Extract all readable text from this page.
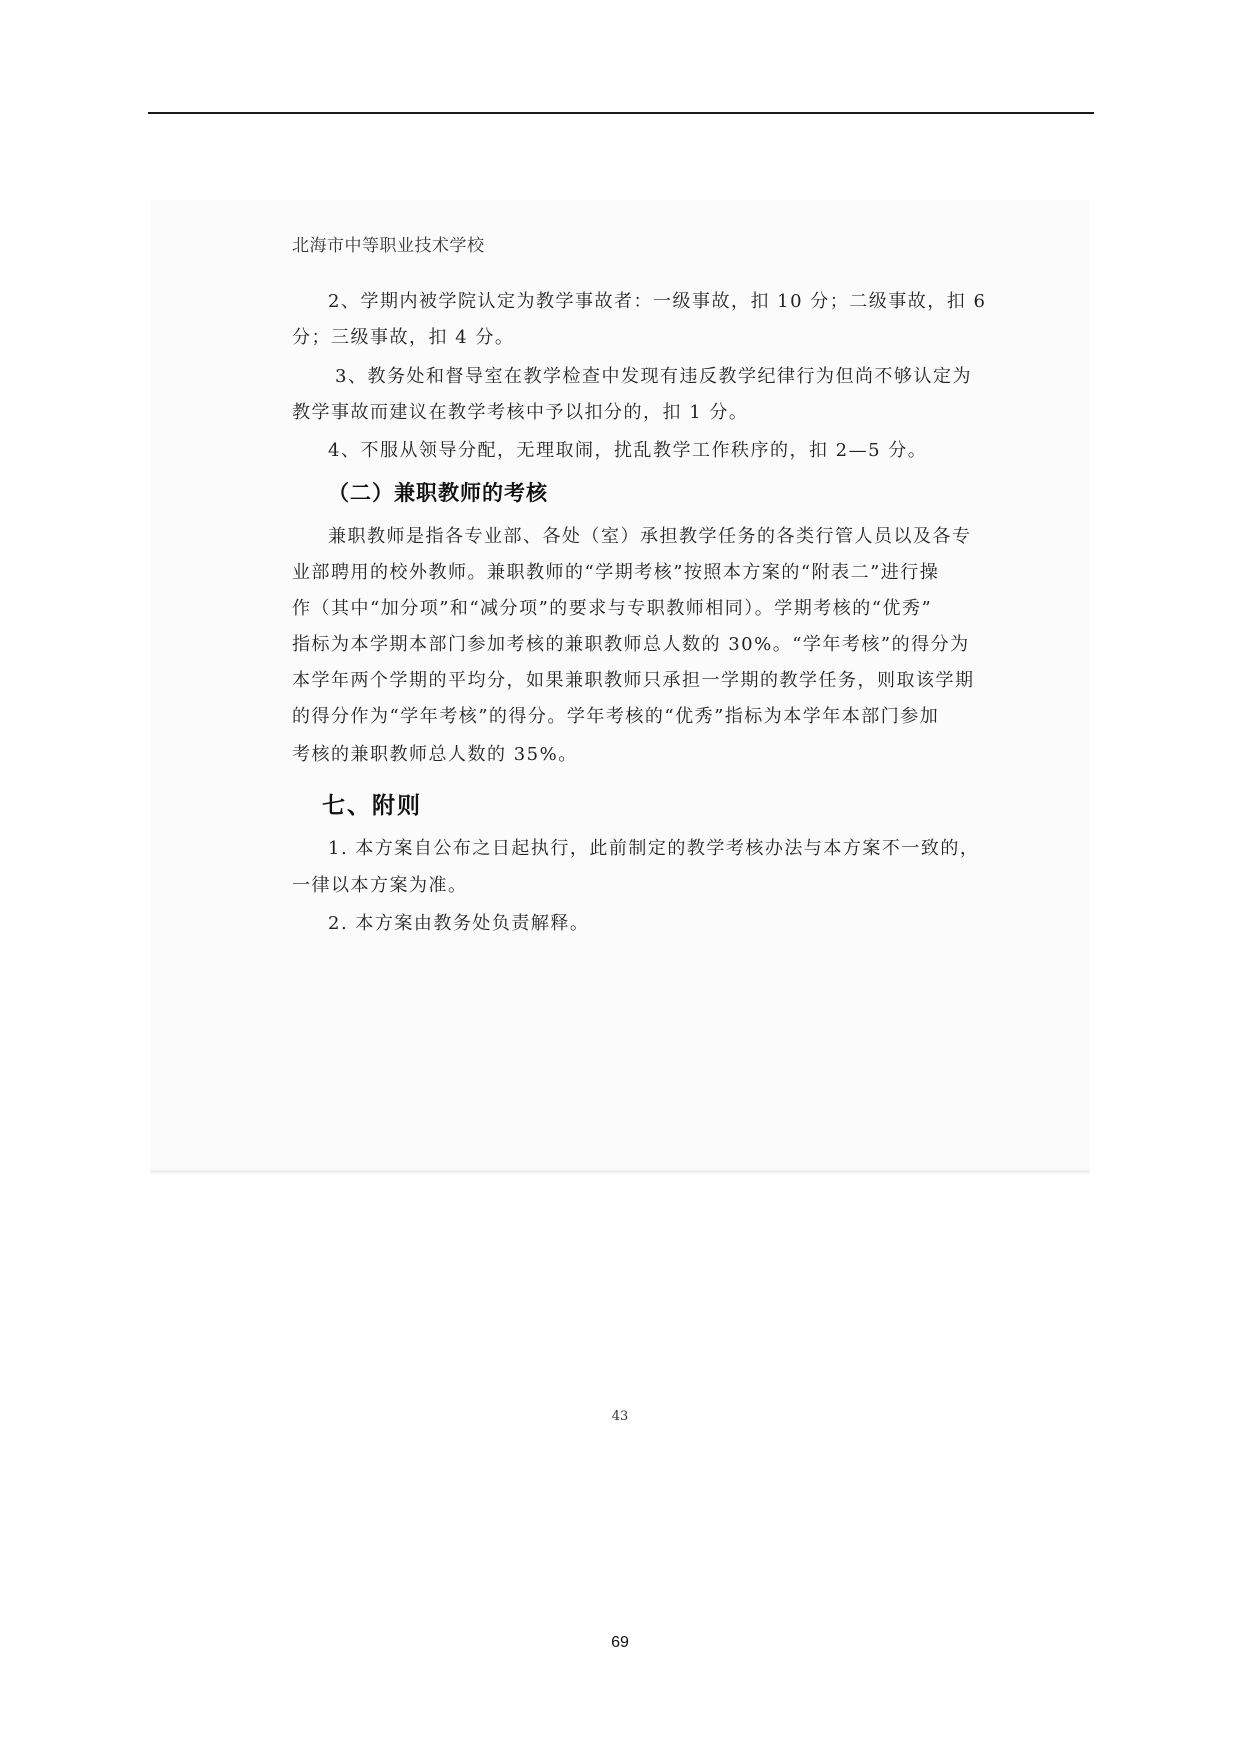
北海市中等职业技术学校
2、学期内被学院认定为教学事故者：一级事故，扣 10 分；二级事故，扣 6
分；三级事故，扣 4 分。
3、教务处和督导室在教学检查中发现有违反教学纪律行为但尚不够认定为
教学事故而建议在教学考核中予以扣分的，扣 1 分。
4、不服从领导分配，无理取闹，扰乱教学工作秩序的，扣 2—5 分。
（二）兼职教师的考核
兼职教师是指各专业部、各处（室）承担教学任务的各类行管人员以及各专
业部聘用的校外教师。兼职教师的“学期考核”按照本方案的“附表二”进行操
作（其中“加分项”和“减分项”的要求与专职教师相同）。学期考核的“优秀”
指标为本学期本部门参加考核的兼职教师总人数的 30%。“学年考核”的得分为
本学年两个学期的平均分，如果兼职教师只承担一学期的教学任务，则取该学期
的得分作为“学年考核”的得分。学年考核的“优秀”指标为本学年本部门参加
考核的兼职教师总人数的 35%。
七、附则
1. 本方案自公布之日起执行，此前制定的教学考核办法与本方案不一致的，
一律以本方案为准。
2. 本方案由教务处负责解释。
43
69
